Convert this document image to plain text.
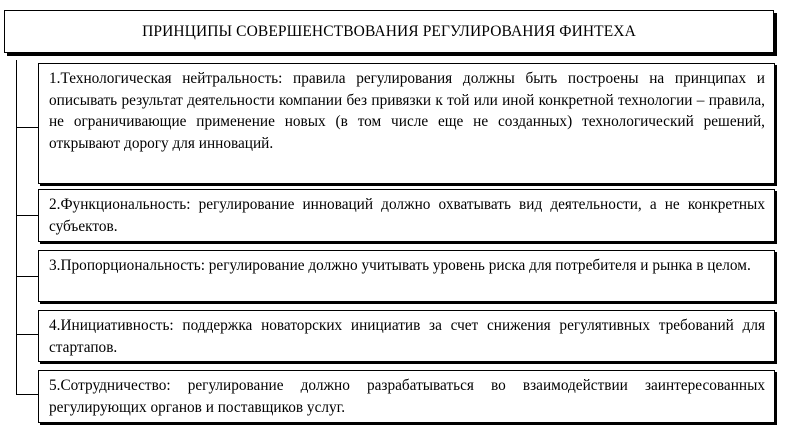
ПРИНЦИПЫ СОВЕРШЕНСТВОВАНИЯ РЕГУЛИРОВАНИЯ ФИНТЕХА
1.Технологическая нейтральность: правила регулирования должны быть построены на принципах и описывать результат деятельности компании без привязки к той или иной конкретной технологии – правила, не ограничивающие применение новых (в том числе еще не созданных) технологический решений, открывают дорогу для инноваций.
2.Функциональность: регулирование инноваций должно охватывать вид деятельности, а не конкретных субъектов.
3.Пропорциональность: регулирование должно учитывать уровень риска для потребителя и рынка в целом.
4.Инициативность: поддержка новаторских инициатив за счет снижения регулятивных требований для стартапов.
5.Сотрудничество: регулирование должно разрабатываться во взаимодействии заинтересованных регулирующих органов и поставщиков услуг.
